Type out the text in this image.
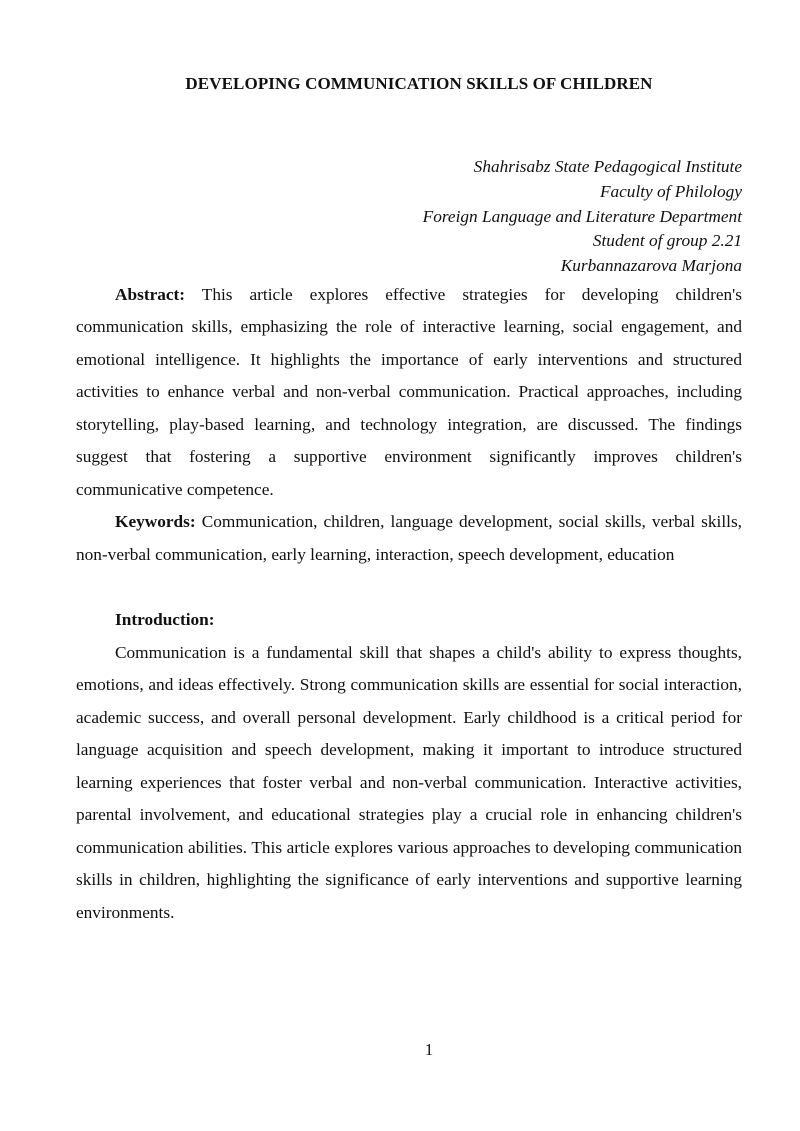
DEVELOPING COMMUNICATION SKILLS OF CHILDREN
Shahrisabz State Pedagogical Institute
Faculty of Philology
Foreign Language and Literature Department
Student of group 2.21
Kurbannazarova Marjona

Abstract: This article explores effective strategies for developing children's communication skills, emphasizing the role of interactive learning, social engagement, and emotional intelligence. It highlights the importance of early interventions and structured activities to enhance verbal and non-verbal communication. Practical approaches, including storytelling, play-based learning, and technology integration, are discussed. The findings suggest that fostering a supportive environment significantly improves children's communicative competence.

Keywords: Communication, children, language development, social skills, verbal skills, non-verbal communication, early learning, interaction, speech development, education

Introduction:

Communication is a fundamental skill that shapes a child's ability to express thoughts, emotions, and ideas effectively. Strong communication skills are essential for social interaction, academic success, and overall personal development. Early childhood is a critical period for language acquisition and speech development, making it important to introduce structured learning experiences that foster verbal and non-verbal communication. Interactive activities, parental involvement, and educational strategies play a crucial role in enhancing children's communication abilities. This article explores various approaches to developing communication skills in children, highlighting the significance of early interventions and supportive learning environments.

1
